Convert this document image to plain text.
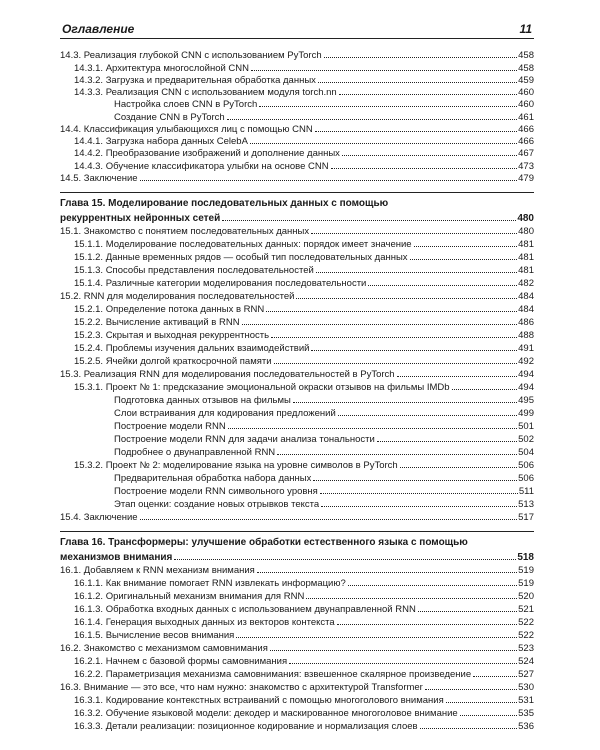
Оглавление	11
14.3. Реализация глубокой CNN с использованием PyTorch	458
14.3.1. Архитектура многослойной CNN	458
14.3.2. Загрузка и предварительная обработка данных	459
14.3.3. Реализация CNN с использованием модуля torch.nn	460
Настройка слоев CNN в PyTorch	460
Создание CNN в PyTorch	461
14.4. Классификация улыбающихся лиц с помощью CNN	466
14.4.1. Загрузка набора данных CelebA	466
14.4.2. Преобразование изображений и дополнение данных	467
14.4.3. Обучение классификатора улыбки на основе CNN	473
14.5. Заключение	479
Глава 15. Моделирование последовательных данных с помощью
рекуррентных нейронных сетей	480
15.1. Знакомство с понятием последовательных данных	480
15.1.1. Моделирование последовательных данных: порядок имеет значение	481
15.1.2. Данные временных рядов — особый тип последовательных данных	481
15.1.3. Способы представления последовательностей	481
15.1.4. Различные категории моделирования последовательности	482
15.2. RNN для моделирования последовательностей	484
15.2.1. Определение потока данных в RNN	484
15.2.2. Вычисление активаций в RNN	486
15.2.3. Скрытая и выходная рекуррентность	488
15.2.4. Проблемы изучения дальних взаимодействий	491
15.2.5. Ячейки долгой краткосрочной памяти	492
15.3. Реализация RNN для моделирования последовательностей в PyTorch	494
15.3.1. Проект № 1: предсказание эмоциональной окраски отзывов на фильмы IMDb	494
Подготовка данных отзывов на фильмы	495
Слои встраивания для кодирования предложений	499
Построение модели RNN	501
Построение модели RNN для задачи анализа тональности	502
Подробнее о двунаправленной RNN	504
15.3.2. Проект № 2: моделирование языка на уровне символов в PyTorch	506
Предварительная обработка набора данных	506
Построение модели RNN символьного уровня	511
Этап оценки: создание новых отрывков текста	513
15.4. Заключение	517
Глава 16. Трансформеры: улучшение обработки естественного языка с помощью
механизмов внимания	518
16.1. Добавляем к RNN механизм внимания	519
16.1.1. Как внимание помогает RNN извлекать информацию?	519
16.1.2. Оригинальный механизм внимания для RNN	520
16.1.3. Обработка входных данных с использованием двунаправленной RNN	521
16.1.4. Генерация выходных данных из векторов контекста	522
16.1.5. Вычисление весов внимания	522
16.2. Знакомство с механизмом самовнимания	523
16.2.1. Начнем с базовой формы самовнимания	524
16.2.2. Параметризация механизма самовнимания: взвешенное скалярное произведение	527
16.3. Внимание — это все, что нам нужно: знакомство с архитектурой Transformer	530
16.3.1. Кодирование контекстных встраиваний с помощью многоголового внимания	531
16.3.2. Обучение языковой модели: декодер и маскированное многоголовое внимание	535
16.3.3. Детали реализации: позиционное кодирование и нормализация слоев	536
